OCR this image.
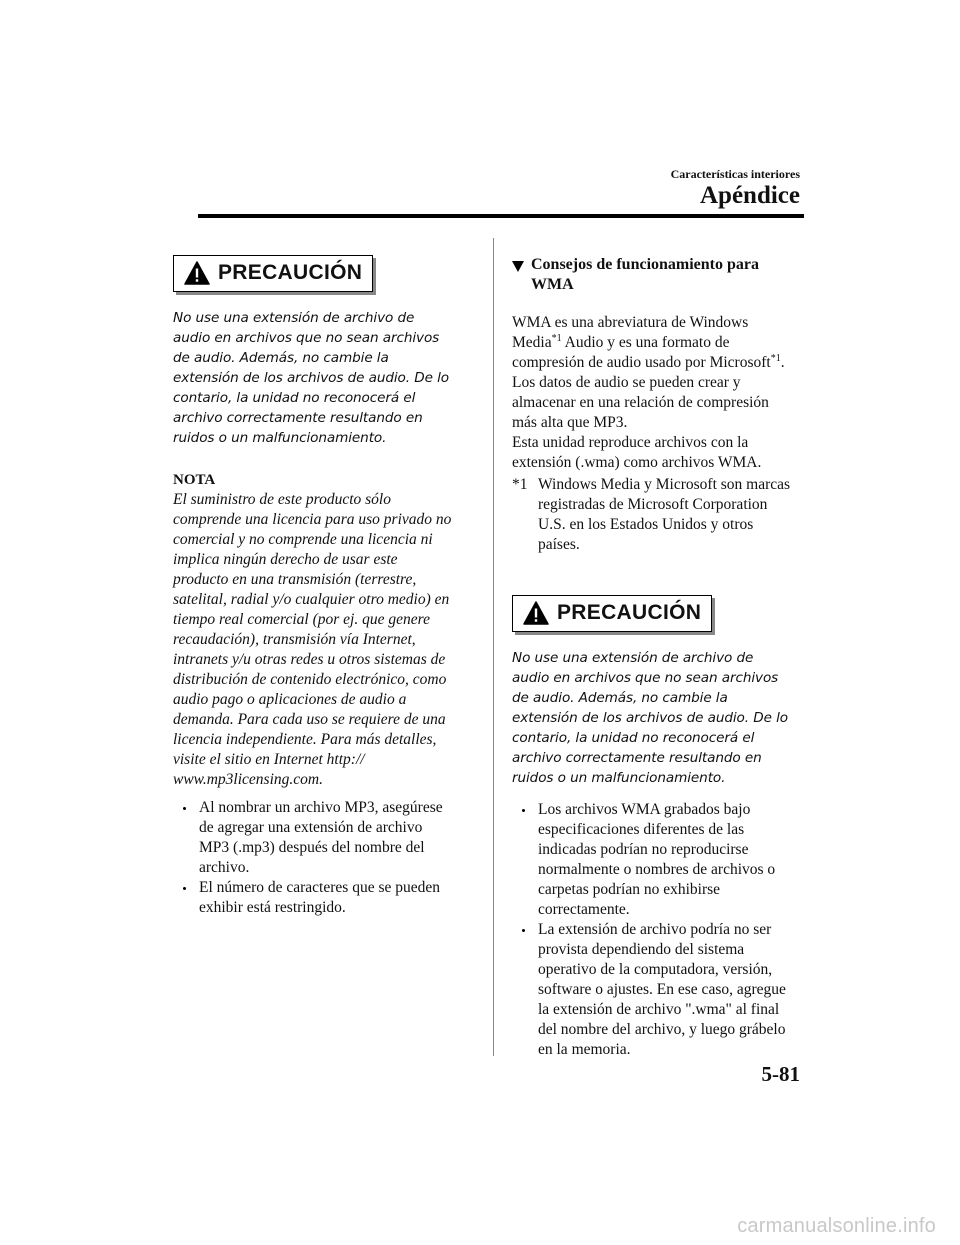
Características interiores
Apéndice
PRECAUCIÓN
No use una extensión de archivo de audio en archivos que no sean archivos de audio. Además, no cambie la extensión de los archivos de audio. De lo contario, la unidad no reconocerá el archivo correctamente resultando en ruidos o un malfuncionamiento.
NOTA
El suministro de este producto sólo comprende una licencia para uso privado no comercial y no comprende una licencia ni implica ningún derecho de usar este producto en una transmisión (terrestre, satelital, radial y/o cualquier otro medio) en tiempo real comercial (por ej. que genere recaudación), transmisión vía Internet, intranets y/u otras redes u otros sistemas de distribución de contenido electrónico, como audio pago o aplicaciones de audio a demanda. Para cada uso se requiere de una licencia independiente. Para más detalles, visite el sitio en Internet http:// www.mp3licensing.com.
Al nombrar un archivo MP3, asegúrese de agregar una extensión de archivo MP3 (.mp3) después del nombre del archivo.
El número de caracteres que se pueden exhibir está restringido.
Consejos de funcionamiento para WMA
WMA es una abreviatura de Windows Media$^{*1}$ Audio y es una formato de compresión de audio usado por Microsoft$^{*1}$.
Los datos de audio se pueden crear y almacenar en una relación de compresión más alta que MP3.
Esta unidad reproduce archivos con la extensión (.wma) como archivos WMA.
*1 Windows Media y Microsoft son marcas registradas de Microsoft Corporation U.S. en los Estados Unidos y otros países.
PRECAUCIÓN
No use una extensión de archivo de audio en archivos que no sean archivos de audio. Además, no cambie la extensión de los archivos de audio. De lo contario, la unidad no reconocerá el archivo correctamente resultando en ruidos o un malfuncionamiento.
Los archivos WMA grabados bajo especificaciones diferentes de las indicadas podrían no reproducirse normalmente o nombres de archivos o carpetas podrían no exhibirse correctamente.
La extensión de archivo podría no ser provista dependiendo del sistema operativo de la computadora, versión, software o ajustes. En ese caso, agregue la extensión de archivo ".wma" al final del nombre del archivo, y luego grábelo en la memoria.
5-81
carmanualsonline.info
